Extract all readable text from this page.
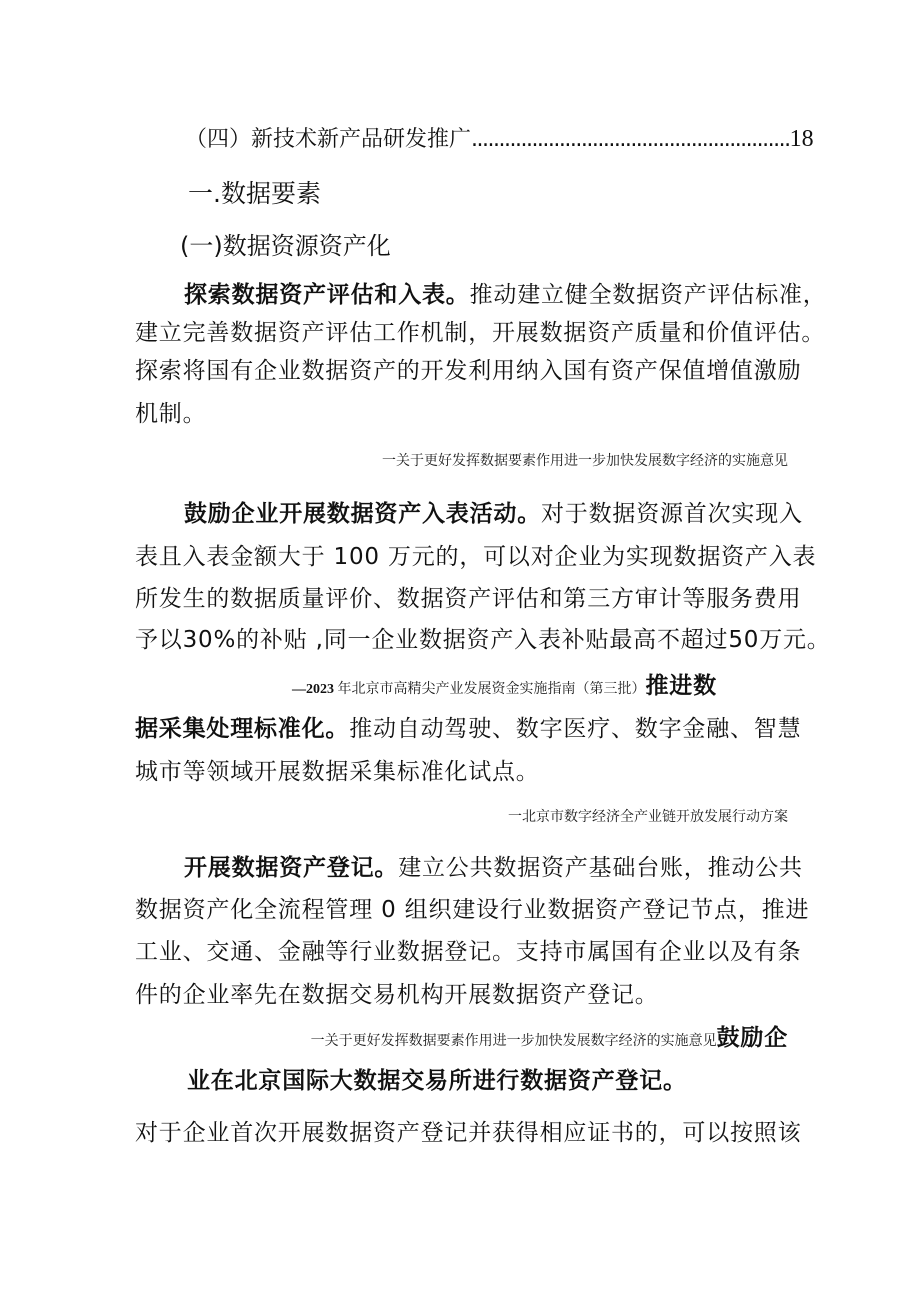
（四）新技术新产品研发推广..........................................................18
一.数据要素
(一)数据资源资产化
探索数据资产评估和入表。推动建立健全数据资产评估标准，
建立完善数据资产评估工作机制，开展数据资产质量和价值评估。
探索将国有企业数据资产的开发利用纳入国有资产保值增值激励
机制。
一关于更好发挥数据要素作用进一步加快发展数字经济的实施意见
鼓励企业开展数据资产入表活动。对于数据资源首次实现入
表且入表金额大于 100 万元的，可以对企业为实现数据资产入表
所发生的数据质量评价、数据资产评估和第三方审计等服务费用
予以30%的补贴 ,同一企业数据资产入表补贴最高不超过50万元。
—2023 年北京市高精尖产业发展资金实施指南（第三批）推进数
据采集处理标准化。推动自动驾驶、数字医疗、数字金融、智慧
城市等领域开展数据采集标准化试点。
一北京市数字经济全产业链开放发展行动方案
开展数据资产登记。建立公共数据资产基础台账，推动公共
数据资产化全流程管理 0 组织建设行业数据资产登记节点，推进
工业、交通、金融等行业数据登记。支持市属国有企业以及有条
件的企业率先在数据交易机构开展数据资产登记。
一关于更好发挥数据要素作用进一步加快发展数字经济的实施意见鼓励企
业在北京国际大数据交易所进行数据资产登记。
对于企业首次开展数据资产登记并获得相应证书的，可以按照该
